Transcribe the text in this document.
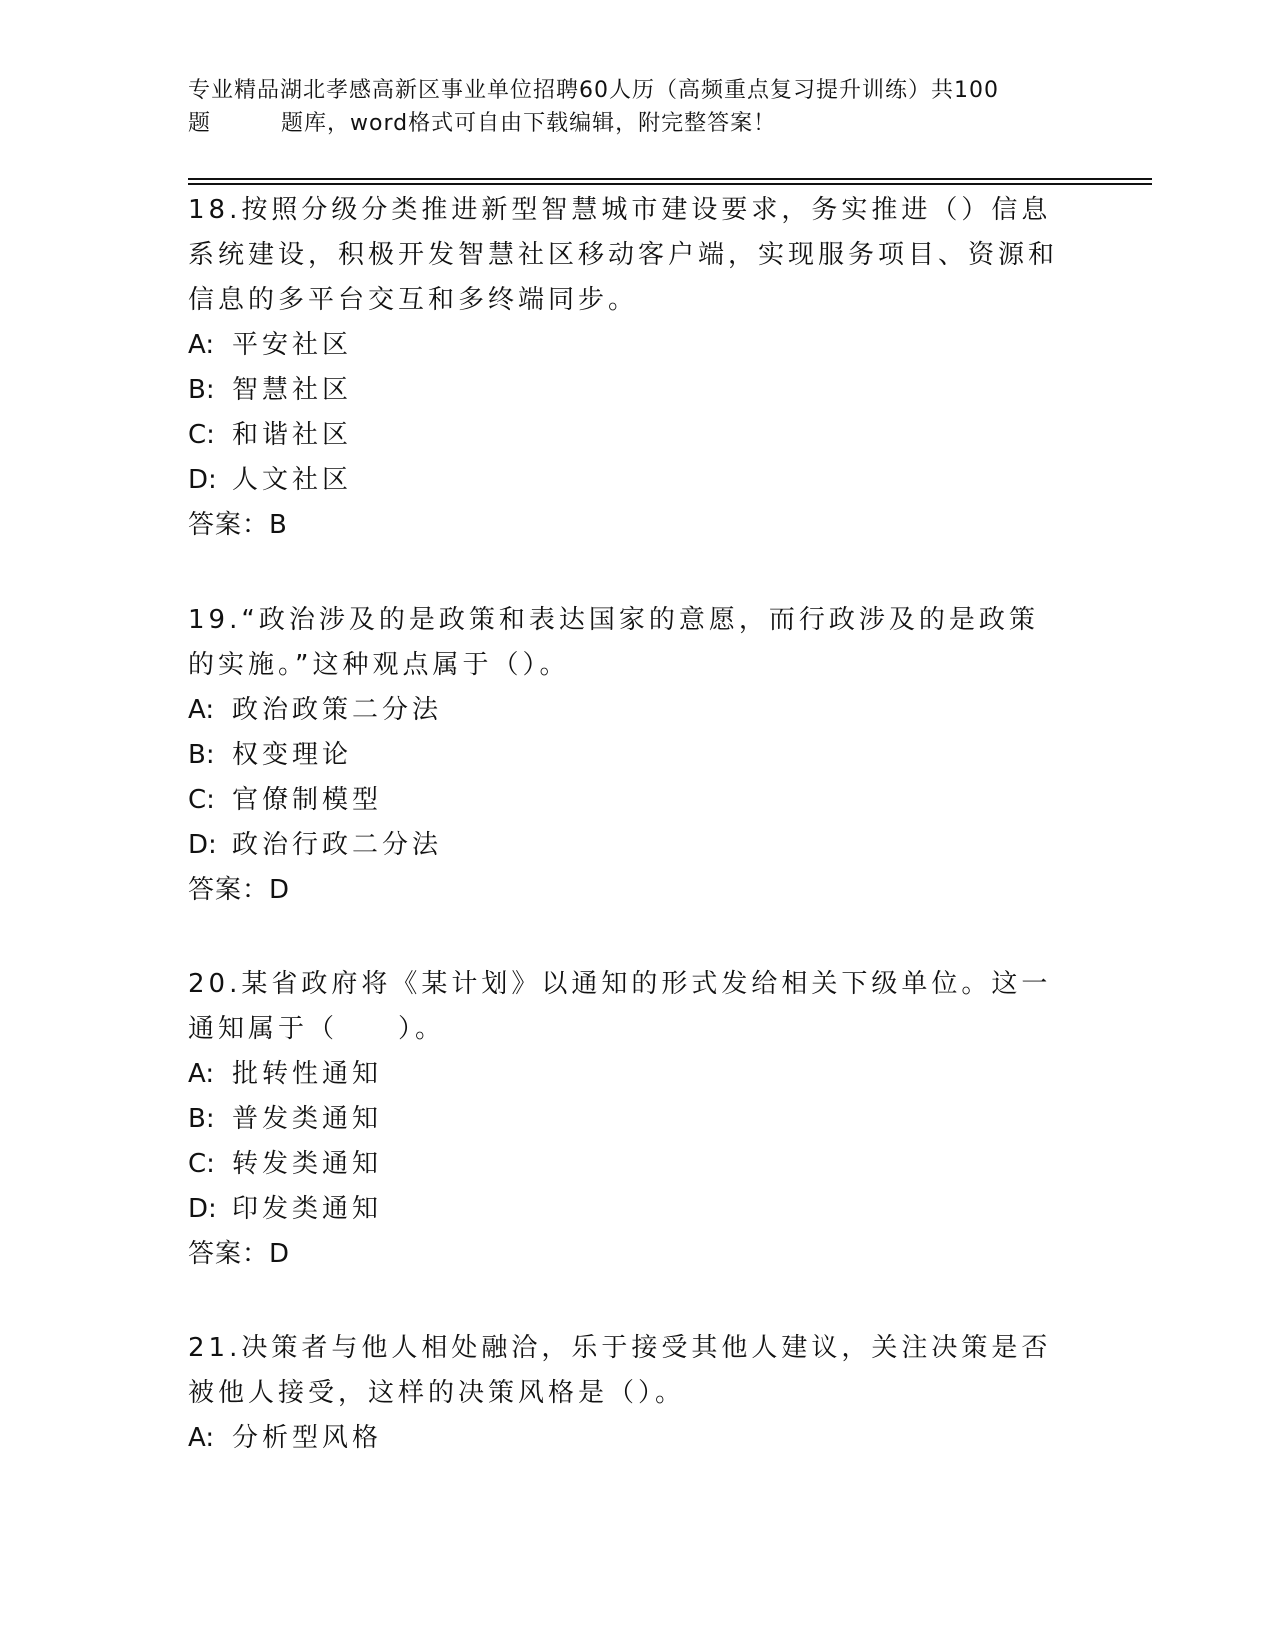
专业精品湖北孝感高新区事业单位招聘60人历（高频重点复习提升训练）共100
题	题库，word格式可自由下载编辑，附完整答案！

18.按照分级分类推进新型智慧城市建设要求，务实推进（）信息系统建设，积极开发智慧社区移动客户端，实现服务项目、资源和信息的多平台交互和多终端同步。

A: 平安社区

B: 智慧社区

C: 和谐社区

D: 人文社区

答案：B

19.“政治涉及的是政策和表达国家的意愿，而行政涉及的是政策的实施。”这种观点属于（）。

A: 政治政策二分法

B: 权变理论

C: 官僚制模型

D: 政治行政二分法

答案：D

20.某省政府将《某计划》以通知的形式发给相关下级单位。这一通知属于（　　）。

A: 批转性通知

B: 普发类通知

C: 转发类通知

D: 印发类通知

答案：D

21.决策者与他人相处融洽，乐于接受其他人建议，关注决策是否被他人接受，这样的决策风格是（）。

A: 分析型风格
